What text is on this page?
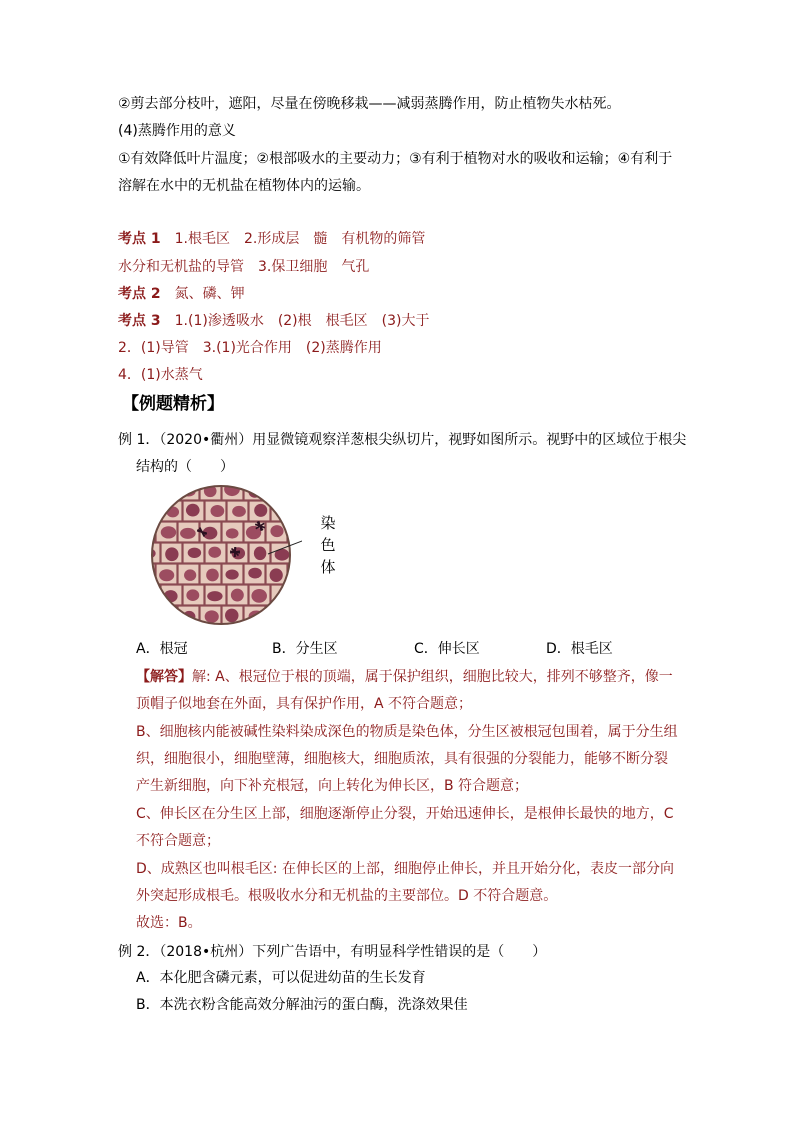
②剪去部分枝叶，遮阳，尽量在傍晚移栽——减弱蒸腾作用，防止植物失水枯死。
(4)蒸腾作用的意义
①有效降低叶片温度；②根部吸水的主要动力；③有利于植物对水的吸收和运输；④有利于
溶解在水中的无机盐在植物体内的运输。
考点 1　 1.根毛区　2.形成层　髓　有机物的筛管
水分和无机盐的导管　3.保卫细胞　气孔
考点 2　 氮、磷、钾
考点 3　 1.(1)渗透吸水　(2)根　根毛区　(3)大于
2．(1)导管　3.(1)光合作用　(2)蒸腾作用
4．(1)水蒸气
【例题精析】
例 1．（2020•衢州）用显微镜观察洋葱根尖纵切片，视野如图所示。视野中的区域位于根尖
结构的（　　）
染
色
体
A．根冠	B．分生区	C．伸长区	D．根毛区
【解答】解: A、根冠位于根的顶端，属于保护组织，细胞比较大，排列不够整齐，像一
顶帽子似地套在外面，具有保护作用，A 不符合题意；
B、细胞核内能被碱性染料染成深色的物质是染色体，分生区被根冠包围着，属于分生组
织，细胞很小，细胞壁薄，细胞核大，细胞质浓，具有很强的分裂能力，能够不断分裂
产生新细胞，向下补充根冠，向上转化为伸长区，B 符合题意；
C、伸长区在分生区上部，细胞逐渐停止分裂，开始迅速伸长，是根伸长最快的地方，C
不符合题意；
D、成熟区也叫根毛区: 在伸长区的上部，细胞停止伸长，并且开始分化，表皮一部分向
外突起形成根毛。根吸收水分和无机盐的主要部位。D 不符合题意。
故选：B。
例 2．（2018•杭州）下列广告语中，有明显科学性错误的是（　　）
A．本化肥含磷元素，可以促进幼苗的生长发育
B．本洗衣粉含能高效分解油污的蛋白酶，洗涤效果佳
